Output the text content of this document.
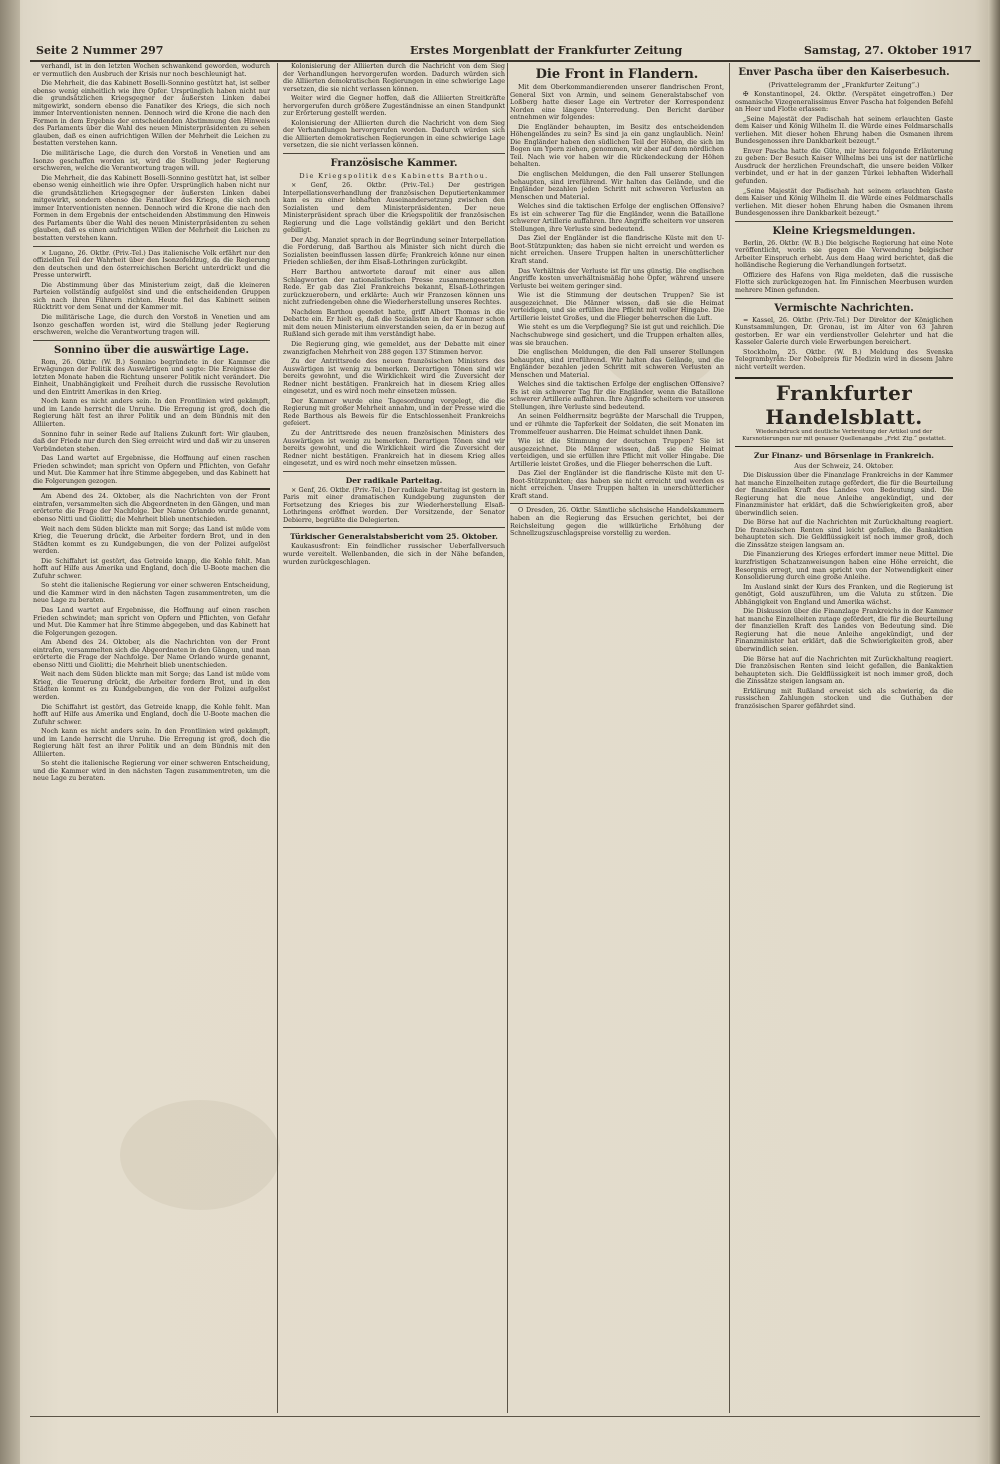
Seite 2 Nummer 297	Erstes Morgenblatt der Frankfurter Zeitung	Samstag, 27. Oktober 1917

verhandl, ist in den letzten Wochen schwankend geworden, wodurch er vermutlich den Ausbruch der Krisis nur noch beschleunigt hat.

Die Mehrheit, die das Kabinett Boselli-Sonnino gestützt hat, ist selber ebenso wenig einheitlich wie ihre Opfer. Ursprünglich haben nicht nur die grundsätzlichen Kriegsgegner der äußersten Linken dabei mitgewirkt, sondern ebenso die Fanatiker des Kriegs, die sich noch immer Interventionisten nennen. Dennoch wird die Krone die nach den Formen in dem Ergebnis der entscheidenden Abstimmung den Hinweis des Parlaments über die Wahl des neuen Ministerpräsidenten zu sehen glauben, daß es einen aufrichtigen Willen der Mehrheit die Leichen zu bestatten verstehen kann.

Die militärische Lage, die durch den Vorstoß in Venetien und am Isonzo geschaffen worden ist, wird die Stellung jeder Regierung erschweren, welche die Verantwortung tragen will.

Die Mehrheit, die das Kabinett Boselli-Sonnino gestützt hat, ist selber ebenso wenig einheitlich wie ihre Opfer. Ursprünglich haben nicht nur die grundsätzlichen Kriegsgegner der äußersten Linken dabei mitgewirkt, sondern ebenso die Fanatiker des Kriegs, die sich noch immer Interventionisten nennen. Dennoch wird die Krone die nach den Formen in dem Ergebnis der entscheidenden Abstimmung den Hinweis des Parlaments über die Wahl des neuen Ministerpräsidenten zu sehen glauben, daß es einen aufrichtigen Willen der Mehrheit die Leichen zu bestatten verstehen kann.

× Lugano, 26. Oktbr. (Priv.-Tel.) Das italienische Volk erfährt nur den offiziellen Teil der Wahrheit über den Isonzofeldzug, da die Regierung den deutschen und den österreichischen Bericht unterdrückt und die Presse unterwirft.

Die Abstimmung über das Ministerium zeigt, daß die kleineren Parteien vollständig aufgelöst sind und die entscheidenden Gruppen sich nach ihren Führern richten. Heute fiel das Kabinett seinen Rücktritt vor dem Senat und der Kammer mit.

Die militärische Lage, die durch den Vorstoß in Venetien und am Isonzo geschaffen worden ist, wird die Stellung jeder Regierung erschweren, welche die Verantwortung tragen will.

Sonnino über die auswärtige Lage.

Rom, 26. Oktbr. (W. B.) Sonnino begründete in der Kammer die Erwägungen der Politik des Auswärtigen und sagte: Die Ereignisse der letzten Monate haben die Richtung unserer Politik nicht verändert. Die Einheit, Unabhängigkeit und Freiheit durch die russische Revolution und den Eintritt Amerikas in den Krieg.

Noch kann es nicht anders sein. In den Frontlinien wird gekämpft, und im Lande herrscht die Unruhe. Die Erregung ist groß, doch die Regierung hält fest an ihrer Politik und an dem Bündnis mit den Alliierten.

Sonnino fuhr in seiner Rede auf Italiens Zukunft fort: Wir glauben, daß der Friede nur durch den Sieg erreicht wird und daß wir zu unseren Verbündeten stehen.

Das Land wartet auf Ergebnisse, die Hoffnung auf einen raschen Frieden schwindet; man spricht von Opfern und Pflichten, von Gefahr und Mut. Die Kammer hat ihre Stimme abgegeben, und das Kabinett hat die Folgerungen gezogen.

Am Abend des 24. Oktober, als die Nachrichten von der Front eintrafen, versammelten sich die Abgeordneten in den Gängen, und man erörterte die Frage der Nachfolge. Der Name Orlando wurde genannt, ebenso Nitti und Giolitti; die Mehrheit blieb unentschieden.

Weit nach dem Süden blickte man mit Sorge; das Land ist müde vom Krieg, die Teuerung drückt, die Arbeiter fordern Brot, und in den Städten kommt es zu Kundgebungen, die von der Polizei aufgelöst werden.

Die Schiffahrt ist gestört, das Getreide knapp, die Kohle fehlt. Man hofft auf Hilfe aus Amerika und England, doch die U-Boote machen die Zufuhr schwer.

So steht die italienische Regierung vor einer schweren Entscheidung, und die Kammer wird in den nächsten Tagen zusammentreten, um die neue Lage zu beraten.

Das Land wartet auf Ergebnisse, die Hoffnung auf einen raschen Frieden schwindet; man spricht von Opfern und Pflichten, von Gefahr und Mut. Die Kammer hat ihre Stimme abgegeben, und das Kabinett hat die Folgerungen gezogen.

Am Abend des 24. Oktober, als die Nachrichten von der Front eintrafen, versammelten sich die Abgeordneten in den Gängen, und man erörterte die Frage der Nachfolge. Der Name Orlando wurde genannt, ebenso Nitti und Giolitti; die Mehrheit blieb unentschieden.

Weit nach dem Süden blickte man mit Sorge; das Land ist müde vom Krieg, die Teuerung drückt, die Arbeiter fordern Brot, und in den Städten kommt es zu Kundgebungen, die von der Polizei aufgelöst werden.

Die Schiffahrt ist gestört, das Getreide knapp, die Kohle fehlt. Man hofft auf Hilfe aus Amerika und England, doch die U-Boote machen die Zufuhr schwer.

Noch kann es nicht anders sein. In den Frontlinien wird gekämpft, und im Lande herrscht die Unruhe. Die Erregung ist groß, doch die Regierung hält fest an ihrer Politik und an dem Bündnis mit den Alliierten.

So steht die italienische Regierung vor einer schweren Entscheidung, und die Kammer wird in den nächsten Tagen zusammentreten, um die neue Lage zu beraten.

Kolonisierung der Alliierten durch die Nachricht von dem Sieg der Verhandlungen hervorgerufen worden. Dadurch würden sich die Alliierten demokratischen Regierungen in eine schwierige Lage versetzen, die sie nicht verlassen können.

Weiter wird die Gegner hoffen, daß die Alliierten Streitkräfte hervorgerufen durch größere Zugeständnisse an einen Standpunkt zur Erörterung gestellt werden.

Kolonisierung der Alliierten durch die Nachricht von dem Sieg der Verhandlungen hervorgerufen worden. Dadurch würden sich die Alliierten demokratischen Regierungen in eine schwierige Lage versetzen, die sie nicht verlassen können.

Französische Kammer.
Die Kriegspolitik des Kabinetts Barthou.

× Genf, 26. Oktbr. (Priv.-Tel.) Der gestrigen Interpellationsverhandlung der französischen Deputiertenkammer kam es zu einer lebhaften Auseinandersetzung zwischen den Sozialisten und dem Ministerpräsidenten. Der neue Ministerpräsident sprach über die Kriegspolitik der französischen Regierung und die Lage vollständig geklärt und den Bericht gebilligt.

Der Abg. Manziet sprach in der Begründung seiner Interpellation die Forderung, daß Barthou als Minister sich nicht durch die Sozialisten beeinflussen lassen dürfe; Frankreich könne nur einen Frieden schließen, der ihm Elsaß-Lothringen zurückgibt.

Herr Barthou antwortete darauf mit einer aus allen Schlagworten der nationalistischen Presse zusammengesetzten Rede. Er gab das Ziel Frankreichs bekannt, Elsaß-Lothringen zurückzuerobern, und erklärte: Auch wir Franzosen können uns nicht zufriedengeben ohne die Wiederherstellung unseres Rechtes.

Nachdem Barthou geendet hatte, griff Albert Thomas in die Debatte ein. Er hielt es, daß die Sozialisten in der Kammer schon mit dem neuen Ministerium einverstanden seien, da er in bezug auf Rußland sich gerade mit ihm verständigt habe.

Die Regierung ging, wie gemeldet, aus der Debatte mit einer zwanzigfachen Mehrheit von 288 gegen 137 Stimmen hervor.

Zu der Antrittsrede des neuen französischen Ministers des Auswärtigen ist wenig zu bemerken. Derartigen Tönen sind wir bereits gewohnt, und die Wirklichkeit wird die Zuversicht der Redner nicht bestätigen. Frankreich hat in diesem Krieg alles eingesetzt, und es wird noch mehr einsetzen müssen.

Der Kammer wurde eine Tagesordnung vorgelegt, die die Regierung mit großer Mehrheit annahm, und in der Presse wird die Rede Barthous als Beweis für die Entschlossenheit Frankreichs gefeiert.

Zu der Antrittsrede des neuen französischen Ministers des Auswärtigen ist wenig zu bemerken. Derartigen Tönen sind wir bereits gewohnt, und die Wirklichkeit wird die Zuversicht der Redner nicht bestätigen. Frankreich hat in diesem Krieg alles eingesetzt, und es wird noch mehr einsetzen müssen.

Der radikale Parteitag.

× Genf, 26. Oktbr. (Priv.-Tel.) Der radikale Parteitag ist gestern in Paris mit einer dramatischen Kundgebung zugunsten der Fortsetzung des Krieges bis zur Wiederherstellung Elsaß-Lothringens eröffnet worden. Der Vorsitzende, der Senator Debierre, begrüßte die Delegierten.

Türkischer Generalstabsbericht vom 25. Oktober.

Kaukasusfront: Ein feindlicher russischer Ueberfallversuch wurde vereitelt. Wellenbanden, die sich in der Nähe befanden, wurden zurückgeschlagen.

Die Front in Flandern.

Mit dem Oberkommandierenden unserer flandrischen Front, General Sixt von Armin, und seinem Generalstabschef von Loßberg hatte dieser Lage ein Vertreter der Korrespondenz Norden eine längere Unterredung. Den Bericht darüber entnehmen wir folgendes:

Die Engländer behaupten, im Besitz des entscheidenden Höhengeländes zu sein? Es sind ja ein ganz unglaublich. Nein! Die Engländer haben den südlichen Teil der Höhen, die sich im Bogen um Ypern ziehen, genommen, wir aber auf dem nördlichen Teil. Nach wie vor haben wir die Rückendeckung der Höhen behalten.

Die englischen Meldungen, die den Fall unserer Stellungen behaupten, sind irreführend. Wir halten das Gelände, und die Engländer bezahlen jeden Schritt mit schweren Verlusten an Menschen und Material.

Welches sind die taktischen Erfolge der englischen Offensive? Es ist ein schwerer Tag für die Engländer, wenn die Bataillone schwerer Artillerie auffahren. Ihre Angriffe scheitern vor unseren Stellungen, ihre Verluste sind bedeutend.

Das Ziel der Engländer ist die flandrische Küste mit den U-Boot-Stützpunkten; das haben sie nicht erreicht und werden es nicht erreichen. Unsere Truppen halten in unerschütterlicher Kraft stand.

Das Verhältnis der Verluste ist für uns günstig. Die englischen Angriffe kosten unverhältnismäßig hohe Opfer, während unsere Verluste bei weitem geringer sind.

Wie ist die Stimmung der deutschen Truppen? Sie ist ausgezeichnet. Die Männer wissen, daß sie die Heimat verteidigen, und sie erfüllen ihre Pflicht mit voller Hingabe. Die Artillerie leistet Großes, und die Flieger beherrschen die Luft.

Wie steht es um die Verpflegung? Sie ist gut und reichlich. Die Nachschubwege sind gesichert, und die Truppen erhalten alles, was sie brauchen.

Die englischen Meldungen, die den Fall unserer Stellungen behaupten, sind irreführend. Wir halten das Gelände, und die Engländer bezahlen jeden Schritt mit schweren Verlusten an Menschen und Material.

Welches sind die taktischen Erfolge der englischen Offensive? Es ist ein schwerer Tag für die Engländer, wenn die Bataillone schwerer Artillerie auffahren. Ihre Angriffe scheitern vor unseren Stellungen, ihre Verluste sind bedeutend.

An seinen Feldherrnsitz begrüßte der Marschall die Truppen, und er rühmte die Tapferkeit der Soldaten, die seit Monaten im Trommelfeuer ausharren. Die Heimat schuldet ihnen Dank.

Wie ist die Stimmung der deutschen Truppen? Sie ist ausgezeichnet. Die Männer wissen, daß sie die Heimat verteidigen, und sie erfüllen ihre Pflicht mit voller Hingabe. Die Artillerie leistet Großes, und die Flieger beherrschen die Luft.

Das Ziel der Engländer ist die flandrische Küste mit den U-Boot-Stützpunkten; das haben sie nicht erreicht und werden es nicht erreichen. Unsere Truppen halten in unerschütterlicher Kraft stand.

O Dresden, 26. Oktbr. Sämtliche sächsische Handelskammern haben an die Regierung das Ersuchen gerichtet, bei der Reichsleitung gegen die willkürliche Erhöhung der Schnellzugszuschlagspreise vorstellig zu werden.

Enver Pascha über den Kaiserbesuch.
(Privattelegramm der „Frankfurter Zeitung“.)

✠ Konstantinopel, 24. Oktbr. (Verspätet eingetroffen.) Der osmanische Vizegeneralissimus Enver Pascha hat folgenden Befehl an Heer und Flotte erlassen:

„Seine Majestät der Padischah hat seinem erlauchten Gaste dem Kaiser und König Wilhelm II. die Würde eines Feldmarschalls verliehen. Mit dieser hohen Ehrung haben die Osmanen ihrem Bundesgenossen ihre Dankbarkeit bezeugt.“

Enver Pascha hatte die Güte, mir hierzu folgende Erläuterung zu geben: Der Besuch Kaiser Wilhelms bei uns ist der natürliche Ausdruck der herzlichen Freundschaft, die unsere beiden Völker verbindet, und er hat in der ganzen Türkei lebhaften Widerhall gefunden.

„Seine Majestät der Padischah hat seinem erlauchten Gaste dem Kaiser und König Wilhelm II. die Würde eines Feldmarschalls verliehen. Mit dieser hohen Ehrung haben die Osmanen ihrem Bundesgenossen ihre Dankbarkeit bezeugt.“

Kleine Kriegsmeldungen.

Berlin, 26. Oktbr. (W. B.) Die belgische Regierung hat eine Note veröffentlicht, worin sie gegen die Verwendung belgischer Arbeiter Einspruch erhebt. Aus dem Haag wird berichtet, daß die holländische Regierung die Verhandlungen fortsetzt.

Offiziere des Hafens von Riga meldeten, daß die russische Flotte sich zurückgezogen hat. Im Finnischen Meerbusen wurden mehrere Minen gefunden.

Vermischte Nachrichten.

= Kassel, 26. Oktbr. (Priv.-Tel.) Der Direktor der Königlichen Kunstsammlungen, Dr. Gronau, ist im Alter von 63 Jahren gestorben. Er war ein verdienstvoller Gelehrter und hat die Kasseler Galerie durch viele Erwerbungen bereichert.

Stockholm, 25. Oktbr. (W. B.) Meldung des Svenska Telegrambyrån: Der Nobelpreis für Medizin wird in diesem Jahre nicht verteilt werden.

Frankfurter Handelsblatt.
Wiederabdruck und deutliche Verbreitung der Artikel und der Kursnotierungen nur mit genauer Quellenangabe „Frkf. Ztg.“ gestattet.
Zur Finanz- und Börsenlage in Frankreich.
Aus der Schweiz, 24. Oktober.

Die Diskussion über die Finanzlage Frankreichs in der Kammer hat manche Einzelheiten zutage gefördert, die für die Beurteilung der finanziellen Kraft des Landes von Bedeutung sind. Die Regierung hat die neue Anleihe angekündigt, und der Finanzminister hat erklärt, daß die Schwierigkeiten groß, aber überwindlich seien.

Die Börse hat auf die Nachrichten mit Zurückhaltung reagiert. Die französischen Renten sind leicht gefallen, die Bankaktien behaupteten sich. Die Geldflüssigkeit ist noch immer groß, doch die Zinssätze steigen langsam an.

Die Finanzierung des Krieges erfordert immer neue Mittel. Die kurzfristigen Schatzanweisungen haben eine Höhe erreicht, die Besorgnis erregt, und man spricht von der Notwendigkeit einer Konsolidierung durch eine große Anleihe.

Im Ausland sinkt der Kurs des Franken, und die Regierung ist genötigt, Gold auszuführen, um die Valuta zu stützen. Die Abhängigkeit von England und Amerika wächst.

Die Diskussion über die Finanzlage Frankreichs in der Kammer hat manche Einzelheiten zutage gefördert, die für die Beurteilung der finanziellen Kraft des Landes von Bedeutung sind. Die Regierung hat die neue Anleihe angekündigt, und der Finanzminister hat erklärt, daß die Schwierigkeiten groß, aber überwindlich seien.

Die Börse hat auf die Nachrichten mit Zurückhaltung reagiert. Die französischen Renten sind leicht gefallen, die Bankaktien behaupteten sich. Die Geldflüssigkeit ist noch immer groß, doch die Zinssätze steigen langsam an.

Erklärung mit Rußland erweist sich als schwierig, da die russischen Zahlungen stocken und die Guthaben der französischen Sparer gefährdet sind.
